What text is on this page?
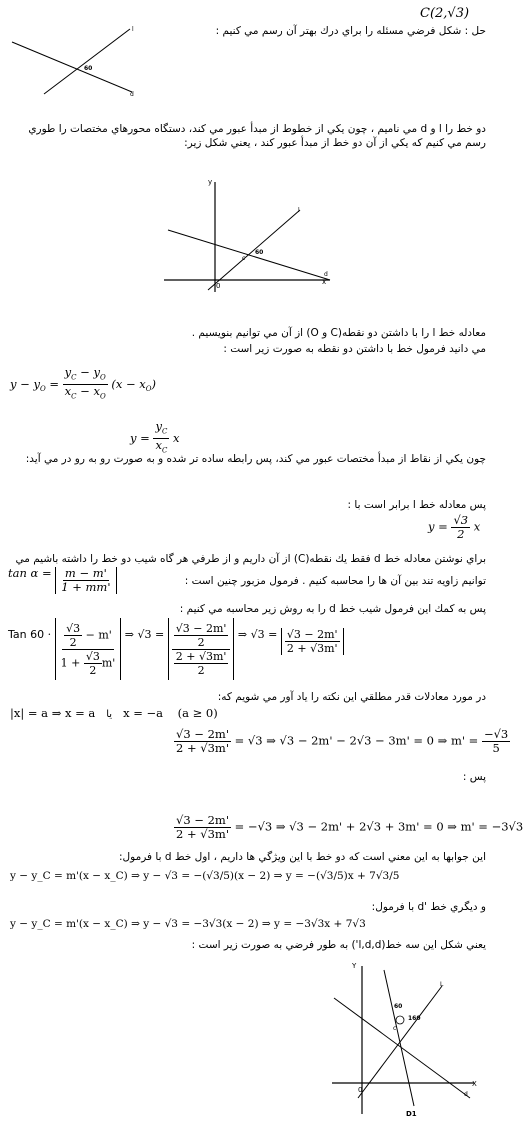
C(2,√3)
حل : شكل فرضي مسئله را براي درك بهتر آن رسم مي كنيم :
l
d
60
دو خط را l و d مي ناميم ، چون يكي از خطوط از مبدأ عبور مي كند، دستگاه محورهاي مختصات را طوري رسم مي كنيم كه يكي از آن دو خط از مبدأ عبور كند ، يعني شكل زير:
y
x
0
c
60
l
d
معادله خط l را با داشتن دو نقطه(C و O) از آن مي توانيم بنويسيم .
مي دانيد فرمول خط با داشتن دو نقطه به صورت زير است :
$y - y_O = \frac{y_C - y_O}{x_C - x_O} (x - x_O)$
$y = \frac{y_C}{x_C}$ x
چون يكي از نقاط از مبدأ مختصات عبور مي كند، پس رابطه ساده تر شده و به صورت رو به رو در مي آيد:
پس معادله خط l برابر است با :
$y = \frac{√3}{2}$ x
براي نوشتن معادله خط d فقط يك نقطه(C) از آن داريم و از طرفي هر گاه شيب دو خط را داشته باشيم مي توانيم زاويه تند بين آن ها را محاسبه كنيم . فرمول مزبور چنين است :
$\tan \alpha = \frac{m - m'}{1 + mm'}$
پس به كمك اين فرمول شيب خط d را به روش زير محاسبه مي كنيم :
Tan $60 \cdot \frac{\frac{√3}{2} - m'}{1 + \frac{√3}{2} m'}$ ⇒ $√3 = \frac{\frac{√3 - 2m'}{2}}{\frac{2 + √3m'}{2}}$ ⇒ $√3 = \frac{√3 - 2m'}{2 + √3m'}$
در مورد معادلات قدر مطلقي اين نكته را ياد آور مي شويم كه:
|x| = a ⇒ x = a يا x = −a (a ≥ 0)
$\frac{√3 - 2m'}{2 + √3m'} = √3$ ⇒ √3 − 2m' − 2√3 − 3m' = 0 ⇒ $m' = \frac{-√3}{5}$
پس :
$\frac{√3 - 2m'}{2 + √3m'} = -√3$ ⇒ √3 − 2m' + 2√3 + 3m' = 0 ⇒ m' = −3√3
اين جوابها به اين معني است كه دو خط با اين ويژگي ها داريم ، اول خط d با فرمول:
y − y_C = m'(x − x_C) ⇒ y − √3 = −(√3/5)(x − 2) ⇒ y = −(√3/5)x + 7√3/5
و ديگري خط 'd با فرمول:
y − y_C = m'(x − x_C) ⇒ y − √3 = −3√3(x − 2) ⇒ y = −3√3x + 7√3
يعني شكل اين سه خط(l,d,d') به طور فرضي به صورت زير است :
Y
X
0
c
60
160
L
D1
d
